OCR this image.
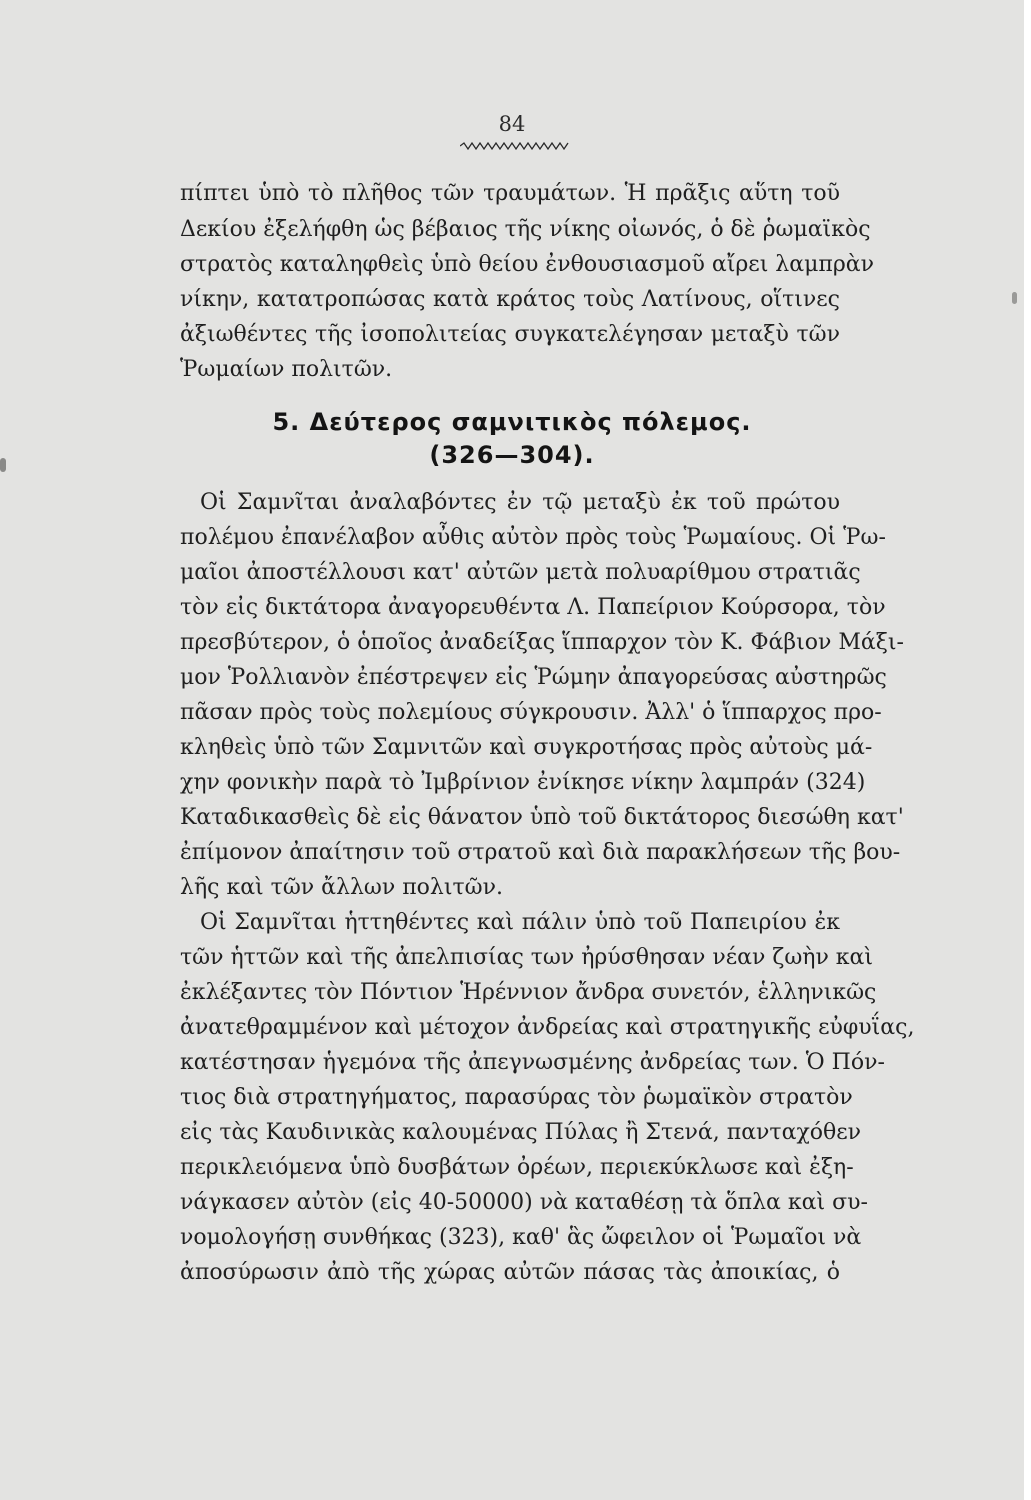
84
πίπτει ὑπὸ τὸ πλῆθος τῶν τραυμάτων. Ἡ πρᾶξις αὕτη τοῦ
Δεκίου ἐξελήφθη ὡς βέβαιος τῆς νίκης οἰωνός, ὁ δὲ ῥωμαϊκὸς
στρατὸς καταληφθεὶς ὑπὸ θείου ἐνθουσιασμοῦ αἴρει λαμπρὰν
νίκην, κατατροπώσας κατὰ κράτος τοὺς Λατίνους, οἵτινες
ἀξιωθέντες τῆς ἰσοπολιτείας συγκατελέγησαν μεταξὺ τῶν
Ῥωμαίων πολιτῶν.
5. Δεύτερος σαμνιτικὸς πόλεμος.
(326—304).
Οἱ Σαμνῖται ἀναλαβόντες ἐν τῷ μεταξὺ ἐκ τοῦ πρώτου
πολέμου ἐπανέλαβον αὖθις αὐτὸν πρὸς τοὺς Ῥωμαίους. Οἱ Ῥω-
μαῖοι ἀποστέλλουσι κατ' αὐτῶν μετὰ πολυαρίθμου στρατιᾶς
τὸν εἰς δικτάτορα ἀναγορευθέντα Λ. Παπείριον Κούρσορα, τὸν
πρεσβύτερον, ὁ ὁποῖος ἀναδείξας ἵππαρχον τὸν Κ. Φάβιον Μάξι-
μον Ῥολλιανὸν ἐπέστρεψεν εἰς Ῥώμην ἀπαγορεύσας αὐστηρῶς
πᾶσαν πρὸς τοὺς πολεμίους σύγκρουσιν. Ἀλλ' ὁ ἵππαρχος προ-
κληθεὶς ὑπὸ τῶν Σαμνιτῶν καὶ συγκροτήσας πρὸς αὐτοὺς μά-
χην φονικὴν παρὰ τὸ Ἰμβρίνιον ἐνίκησε νίκην λαμπράν (324)
Καταδικασθεὶς δὲ εἰς θάνατον ὑπὸ τοῦ δικτάτορος διεσώθη κατ'
ἐπίμονον ἀπαίτησιν τοῦ στρατοῦ καὶ διὰ παρακλήσεων τῆς βου-
λῆς καὶ τῶν ἄλλων πολιτῶν.
Οἱ Σαμνῖται ἡττηθέντες καὶ πάλιν ὑπὸ τοῦ Παπειρίου ἐκ
τῶν ἡττῶν καὶ τῆς ἀπελπισίας των ἠρύσθησαν νέαν ζωὴν καὶ
ἐκλέξαντες τὸν Πόντιον Ἡρέννιον ἄνδρα συνετόν, ἑλληνικῶς
ἀνατεθραμμένον καὶ μέτοχον ἀνδρείας καὶ στρατηγικῆς εὐφυΐας,
κατέστησαν ἡγεμόνα τῆς ἀπεγνωσμένης ἀνδρείας των. Ὁ Πόν-
τιος διὰ στρατηγήματος, παρασύρας τὸν ῥωμαϊκὸν στρατὸν
εἰς τὰς Καυδινικὰς καλουμένας Πύλας ἢ Στενά, πανταχόθεν
περικλειόμενα ὑπὸ δυσβάτων ὀρέων, περιεκύκλωσε καὶ ἐξη-
νάγκασεν αὐτὸν (εἰς 40-50000) νὰ καταθέσῃ τὰ ὅπλα καὶ συ-
νομολογήσῃ συνθήκας (323), καθ' ἃς ὤφειλον οἱ Ῥωμαῖοι νὰ
ἀποσύρωσιν ἀπὸ τῆς χώρας αὐτῶν πάσας τὰς ἀποικίας, ὁ
